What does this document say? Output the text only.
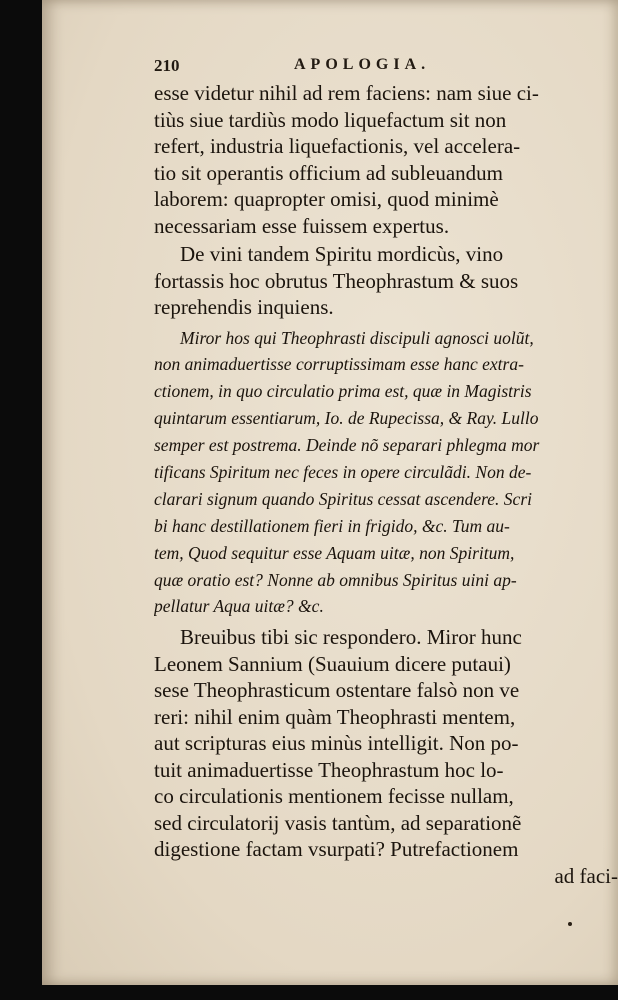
210	APOLOGIA.
esse videtur nihil ad rem faciens: nam siue ci-
tiùs siue tardiùs modo liquefactum sit non
refert, industria liquefactionis, vel accelera-
tio sit operantis officium ad subleuandum
laborem: quapropter omisi, quod minimè
necessariam esse fuissem expertus.
De vini tandem Spiritu mordicùs, vino
fortassis hoc obrutus Theophrastum & suos
reprehendis inquiens.
Miror hos qui Theophrasti discipuli agnosci uolũt,
non animaduertisse corruptissimam esse hanc extra-
ctionem, in quo circulatio prima est, quæ in Magistris
quintarum essentiarum, Io. de Rupecissa, & Ray. Lullo
semper est postrema. Deinde nõ separari phlegma mor
tificans Spiritum nec feces in opere circulãdi. Non de-
clarari signum quando Spiritus cessat ascendere. Scri
bi hanc destillationem fieri in frigido, &c. Tum au-
tem, Quod sequitur esse Aquam uitæ, non Spiritum,
quæ oratio est? Nonne ab omnibus Spiritus uini ap-
pellatur Aqua uitæ? &c.
Breuibus tibi sic respondero. Miror hunc
Leonem Sannium (Suauium dicere putaui)
sese Theophrasticum ostentare falsò non ve
reri: nihil enim quàm Theophrasti mentem,
aut scripturas eius minùs intelligit. Non po-
tuit animaduertisse Theophrastum hoc lo-
co circulationis mentionem fecisse nullam,
sed circulatorij vasis tantùm, ad separationẽ
digestione factam vsurpati? Putrefactionem
ad faci-
